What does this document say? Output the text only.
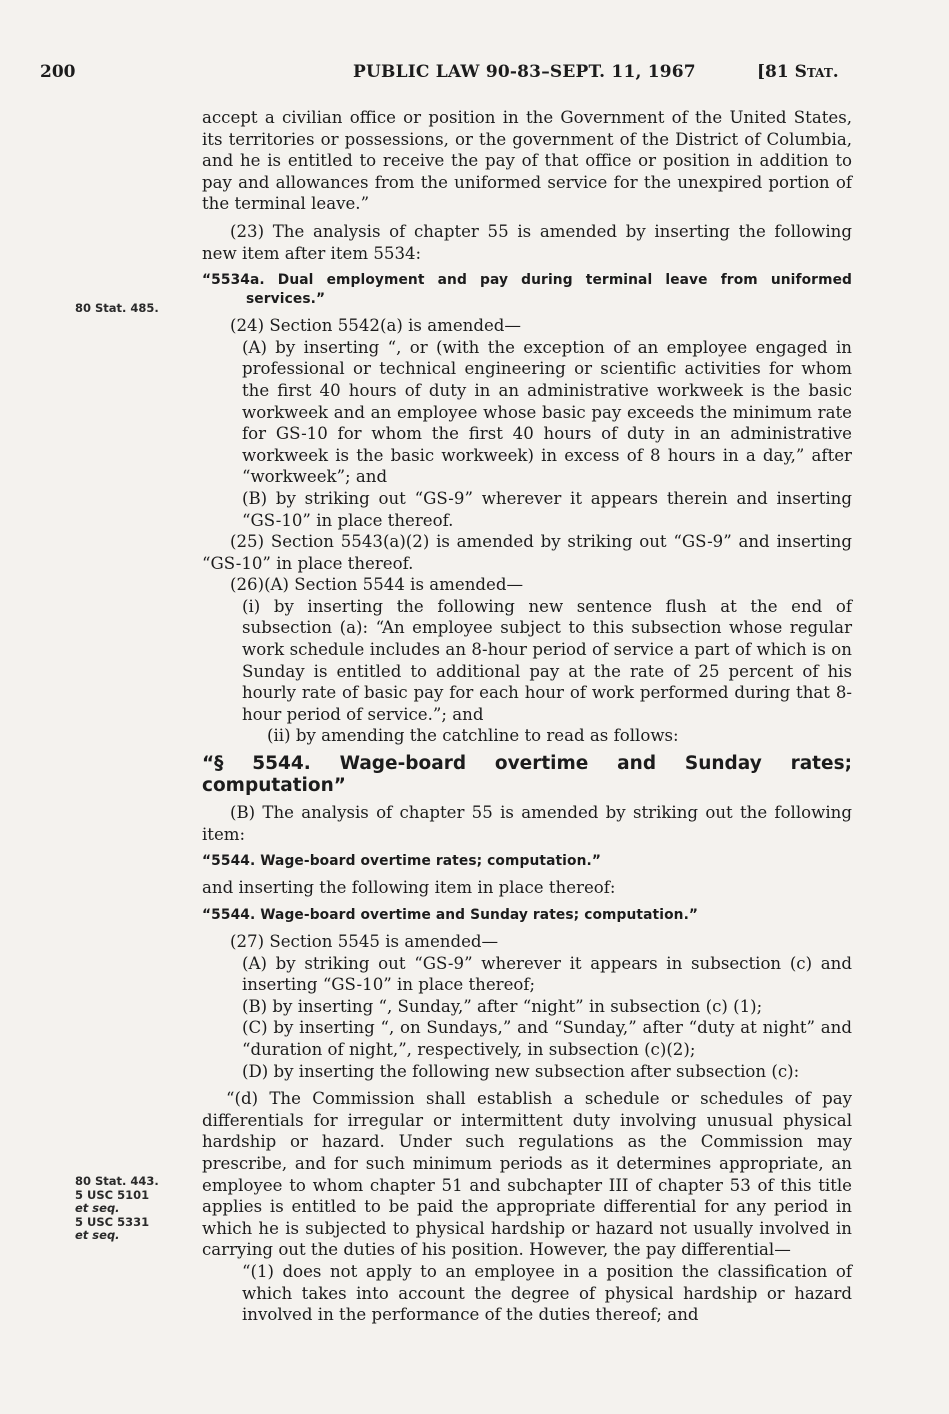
200	PUBLIC LAW 90-83–SEPT. 11, 1967	[81 Stat.
80 Stat. 485.
80 Stat. 443.
5 USC 5101
et seq.
5 USC 5331
et seq.

accept a civilian office or position in the Government of the United States, its territories or possessions, or the government of the District of Columbia, and he is entitled to receive the pay of that office or position in addition to pay and allowances from the uniformed service for the unexpired portion of the terminal leave.”

(23) The analysis of chapter 55 is amended by inserting the following new item after item 5534:

“5534a. Dual employment and pay during terminal leave from uniformed services.”

(24) Section 5542(a) is amended—

(A) by inserting “, or (with the exception of an employee engaged in professional or technical engineering or scientific activities for whom the first 40 hours of duty in an administrative workweek is the basic workweek and an employee whose basic pay exceeds the minimum rate for GS-10 for whom the first 40 hours of duty in an administrative workweek is the basic workweek) in excess of 8 hours in a day,” after “workweek”; and

(B) by striking out “GS-9” wherever it appears therein and inserting “GS-10” in place thereof.

(25) Section 5543(a)(2) is amended by striking out “GS-9” and inserting “GS-10” in place thereof.

(26)(A) Section 5544 is amended—

(i) by inserting the following new sentence flush at the end of subsection (a): “An employee subject to this subsection whose regular work schedule includes an 8-hour period of service a part of which is on Sunday is entitled to additional pay at the rate of 25 percent of his hourly rate of basic pay for each hour of work performed during that 8-hour period of service.”; and

(ii) by amending the catchline to read as follows:

“§ 5544. Wage-board overtime and Sunday rates; computation”

(B) The analysis of chapter 55 is amended by striking out the following item:

“5544. Wage-board overtime rates; computation.”

and inserting the following item in place thereof:

“5544. Wage-board overtime and Sunday rates; computation.”

(27) Section 5545 is amended—

(A) by striking out “GS-9” wherever it appears in subsection (c) and inserting “GS-10” in place thereof;

(B) by inserting “, Sunday,” after “night” in subsection (c) (1);

(C) by inserting “, on Sundays,” and “Sunday,” after “duty at night” and “duration of night,”, respectively, in subsection (c)(2);

(D) by inserting the following new subsection after subsection (c):

“(d) The Commission shall establish a schedule or schedules of pay differentials for irregular or intermittent duty involving unusual physical hardship or hazard. Under such regulations as the Commission may prescribe, and for such minimum periods as it determines appropriate, an employee to whom chapter 51 and subchapter III of chapter 53 of this title applies is entitled to be paid the appropriate differential for any period in which he is subjected to physical hardship or hazard not usually involved in carrying out the duties of his position. However, the pay differential—

“(1) does not apply to an employee in a position the classification of which takes into account the degree of physical hardship or hazard involved in the performance of the duties thereof; and
